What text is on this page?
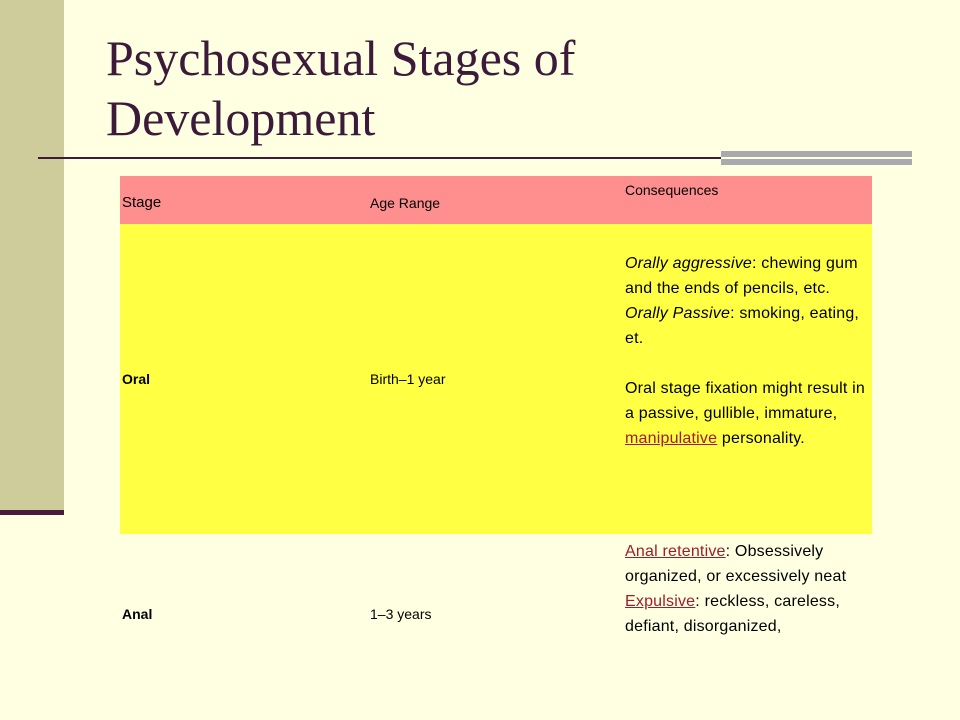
Psychosexual Stages of
Development
Stage	Age Range	Consequences
Oral	Birth–1 year	Orally aggressive: chewing gum and the ends of pencils, etc.
Orally Passive: smoking, eating, et.
Oral stage fixation might result in a passive, gullible, immature, manipulative personality.
Anal	1–3 years	Anal retentive: Obsessively organized, or excessively neat
Expulsive: reckless, careless, defiant, disorganized,
